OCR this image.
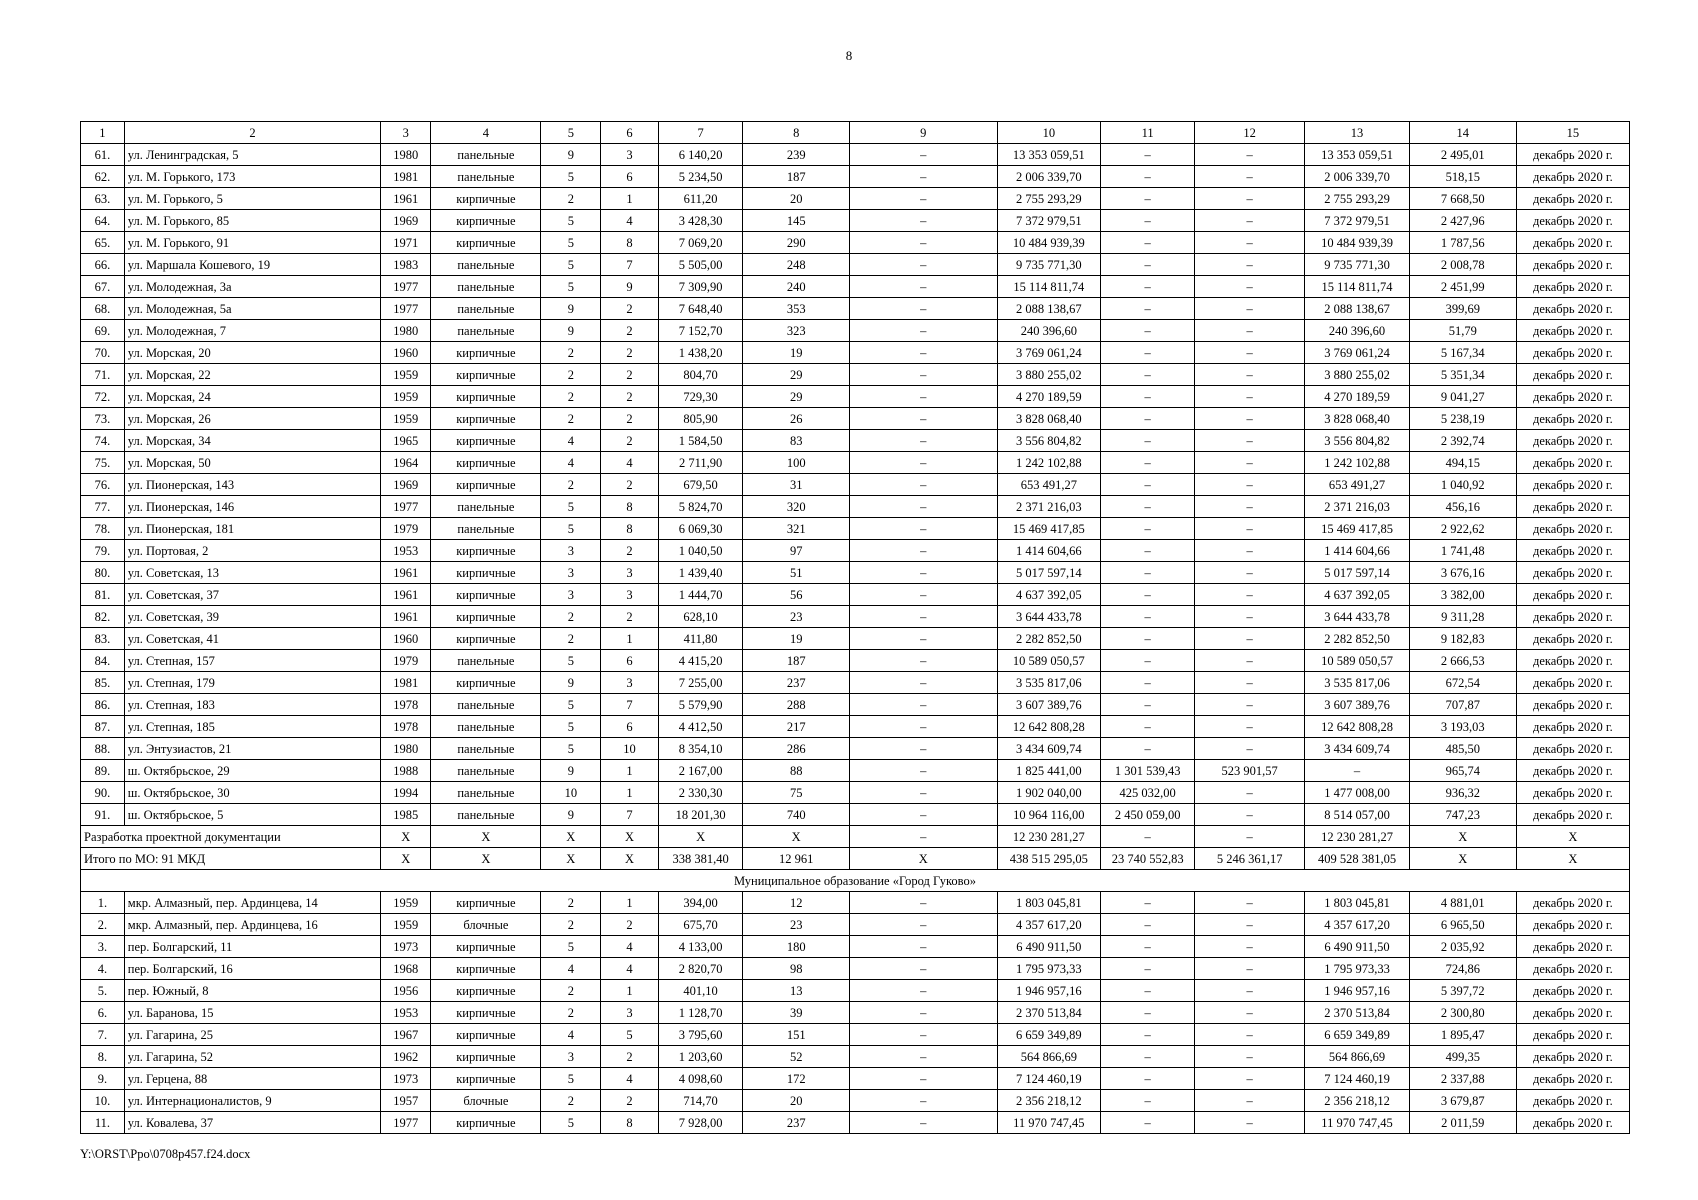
8
1	2	3	4	5	6	7	8	9	10	11	12	13	14	15
61.	ул. Ленинградская, 5	1980	панельные	9	3	6 140,20	239	–	13 353 059,51	–	–	13 353 059,51	2 495,01	декабрь 2020 г.
62.	ул. М. Горького, 173	1981	панельные	5	6	5 234,50	187	–	2 006 339,70	–	–	2 006 339,70	518,15	декабрь 2020 г.
63.	ул. М. Горького, 5	1961	кирпичные	2	1	611,20	20	–	2 755 293,29	–	–	2 755 293,29	7 668,50	декабрь 2020 г.
64.	ул. М. Горького, 85	1969	кирпичные	5	4	3 428,30	145	–	7 372 979,51	–	–	7 372 979,51	2 427,96	декабрь 2020 г.
65.	ул. М. Горького, 91	1971	кирпичные	5	8	7 069,20	290	–	10 484 939,39	–	–	10 484 939,39	1 787,56	декабрь 2020 г.
66.	ул. Маршала Кошевого, 19	1983	панельные	5	7	5 505,00	248	–	9 735 771,30	–	–	9 735 771,30	2 008,78	декабрь 2020 г.
67.	ул. Молодежная, 3а	1977	панельные	5	9	7 309,90	240	–	15 114 811,74	–	–	15 114 811,74	2 451,99	декабрь 2020 г.
68.	ул. Молодежная, 5а	1977	панельные	9	2	7 648,40	353	–	2 088 138,67	–	–	2 088 138,67	399,69	декабрь 2020 г.
69.	ул. Молодежная, 7	1980	панельные	9	2	7 152,70	323	–	240 396,60	–	–	240 396,60	51,79	декабрь 2020 г.
70.	ул. Морская, 20	1960	кирпичные	2	2	1 438,20	19	–	3 769 061,24	–	–	3 769 061,24	5 167,34	декабрь 2020 г.
71.	ул. Морская, 22	1959	кирпичные	2	2	804,70	29	–	3 880 255,02	–	–	3 880 255,02	5 351,34	декабрь 2020 г.
72.	ул. Морская, 24	1959	кирпичные	2	2	729,30	29	–	4 270 189,59	–	–	4 270 189,59	9 041,27	декабрь 2020 г.
73.	ул. Морская, 26	1959	кирпичные	2	2	805,90	26	–	3 828 068,40	–	–	3 828 068,40	5 238,19	декабрь 2020 г.
74.	ул. Морская, 34	1965	кирпичные	4	2	1 584,50	83	–	3 556 804,82	–	–	3 556 804,82	2 392,74	декабрь 2020 г.
75.	ул. Морская, 50	1964	кирпичные	4	4	2 711,90	100	–	1 242 102,88	–	–	1 242 102,88	494,15	декабрь 2020 г.
76.	ул. Пионерская, 143	1969	кирпичные	2	2	679,50	31	–	653 491,27	–	–	653 491,27	1 040,92	декабрь 2020 г.
77.	ул. Пионерская, 146	1977	панельные	5	8	5 824,70	320	–	2 371 216,03	–	–	2 371 216,03	456,16	декабрь 2020 г.
78.	ул. Пионерская, 181	1979	панельные	5	8	6 069,30	321	–	15 469 417,85	–	–	15 469 417,85	2 922,62	декабрь 2020 г.
79.	ул. Портовая, 2	1953	кирпичные	3	2	1 040,50	97	–	1 414 604,66	–	–	1 414 604,66	1 741,48	декабрь 2020 г.
80.	ул. Советская, 13	1961	кирпичные	3	3	1 439,40	51	–	5 017 597,14	–	–	5 017 597,14	3 676,16	декабрь 2020 г.
81.	ул. Советская, 37	1961	кирпичные	3	3	1 444,70	56	–	4 637 392,05	–	–	4 637 392,05	3 382,00	декабрь 2020 г.
82.	ул. Советская, 39	1961	кирпичные	2	2	628,10	23	–	3 644 433,78	–	–	3 644 433,78	9 311,28	декабрь 2020 г.
83.	ул. Советская, 41	1960	кирпичные	2	1	411,80	19	–	2 282 852,50	–	–	2 282 852,50	9 182,83	декабрь 2020 г.
84.	ул. Степная, 157	1979	панельные	5	6	4 415,20	187	–	10 589 050,57	–	–	10 589 050,57	2 666,53	декабрь 2020 г.
85.	ул. Степная, 179	1981	кирпичные	9	3	7 255,00	237	–	3 535 817,06	–	–	3 535 817,06	672,54	декабрь 2020 г.
86.	ул. Степная, 183	1978	панельные	5	7	5 579,90	288	–	3 607 389,76	–	–	3 607 389,76	707,87	декабрь 2020 г.
87.	ул. Степная, 185	1978	панельные	5	6	4 412,50	217	–	12 642 808,28	–	–	12 642 808,28	3 193,03	декабрь 2020 г.
88.	ул. Энтузиастов, 21	1980	панельные	5	10	8 354,10	286	–	3 434 609,74	–	–	3 434 609,74	485,50	декабрь 2020 г.
89.	ш. Октябрьское, 29	1988	панельные	9	1	2 167,00	88	–	1 825 441,00	1 301 539,43	523 901,57	–	965,74	декабрь 2020 г.
90.	ш. Октябрьское, 30	1994	панельные	10	1	2 330,30	75	–	1 902 040,00	425 032,00	–	1 477 008,00	936,32	декабрь 2020 г.
91.	ш. Октябрьское, 5	1985	панельные	9	7	18 201,30	740	–	10 964 116,00	2 450 059,00	–	8 514 057,00	747,23	декабрь 2020 г.
Разработка проектной документации		X	X	X	X	X	X	–	12 230 281,27	–	–	12 230 281,27	X	X
Итого по МО: 91 МКД		X	X	X	X	338 381,40	12 961	X	438 515 295,05	23 740 552,83	5 246 361,17	409 528 381,05	X	X
Муниципальное образование «Город Гуково»														
1.	мкр. Алмазный, пер. Ардинцева, 14	1959	кирпичные	2	1	394,00	12	–	1 803 045,81	–	–	1 803 045,81	4 881,01	декабрь 2020 г.
2.	мкр. Алмазный, пер. Ардинцева, 16	1959	блочные	2	2	675,70	23	–	4 357 617,20	–	–	4 357 617,20	6 965,50	декабрь 2020 г.
3.	пер. Болгарский, 11	1973	кирпичные	5	4	4 133,00	180	–	6 490 911,50	–	–	6 490 911,50	2 035,92	декабрь 2020 г.
4.	пер. Болгарский, 16	1968	кирпичные	4	4	2 820,70	98	–	1 795 973,33	–	–	1 795 973,33	724,86	декабрь 2020 г.
5.	пер. Южный, 8	1956	кирпичные	2	1	401,10	13	–	1 946 957,16	–	–	1 946 957,16	5 397,72	декабрь 2020 г.
6.	ул. Баранова, 15	1953	кирпичные	2	3	1 128,70	39	–	2 370 513,84	–	–	2 370 513,84	2 300,80	декабрь 2020 г.
7.	ул. Гагарина, 25	1967	кирпичные	4	5	3 795,60	151	–	6 659 349,89	–	–	6 659 349,89	1 895,47	декабрь 2020 г.
8.	ул. Гагарина, 52	1962	кирпичные	3	2	1 203,60	52	–	564 866,69	–	–	564 866,69	499,35	декабрь 2020 г.
9.	ул. Герцена, 88	1973	кирпичные	5	4	4 098,60	172	–	7 124 460,19	–	–	7 124 460,19	2 337,88	декабрь 2020 г.
10.	ул. Интернационалистов, 9	1957	блочные	2	2	714,70	20	–	2 356 218,12	–	–	2 356 218,12	3 679,87	декабрь 2020 г.
11.	ул. Ковалева, 37	1977	кирпичные	5	8	7 928,00	237	–	11 970 747,45	–	–	11 970 747,45	2 011,59	декабрь 2020 г.
Y:\ORST\Ppo\0708p457.f24.docx
